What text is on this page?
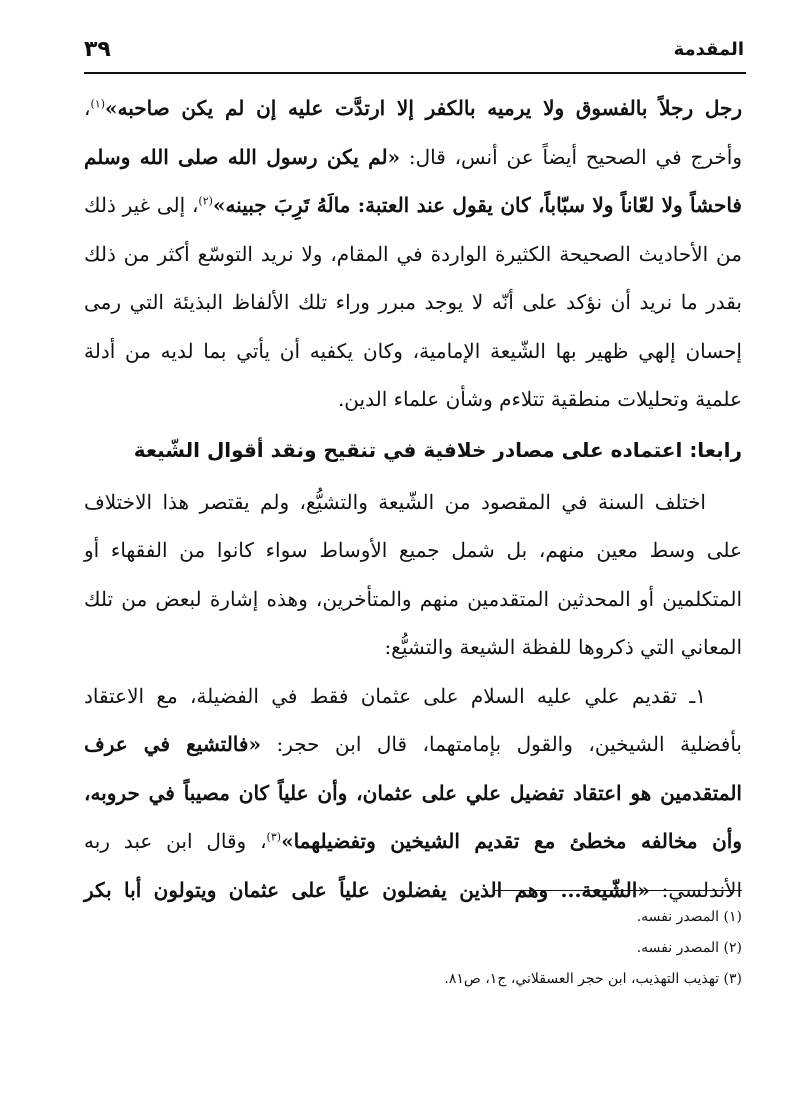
المقدمة
٣٩

رجل رجلاً بالفسوق ولا يرميه بالكفر إلا ارتدَّت عليه إن لم يكن صاحبه»$^{(١)}$، وأخرج في الصحيح أيضاً عن أنس، قال: «لم يكن رسول الله صلى الله وسلم فاحشاً ولا لعّاناً ولا سبّاباً، كان يقول عند العتبة: مالَهُ تَرِبَ جبينه»$^{(٢)}$، إلى غير ذلك من الأحاديث الصحيحة الكثيرة الواردة في المقام، ولا نريد التوسّع أكثر من ذلك بقدر ما نريد أن نؤكد على أنّه لا يوجد مبرر وراء تلك الألفاظ البذيئة التي رمى إحسان إلهي ظهير بها الشّيعة الإمامية، وكان يكفيه أن يأتي بما لديه من أدلة علمية وتحليلات منطقية تتلاءم وشأن علماء الدين.

رابعا: اعتماده على مصادر خلافية في تنقيح ونقد أقوال الشّيعة

اختلف السنة في المقصود من الشّيعة والتشيُّع، ولم يقتصر هذا الاختلاف على وسط معين منهم، بل شمل جميع الأوساط سواء كانوا من الفقهاء أو المتكلمين أو المحدثين المتقدمين منهم والمتأخرين، وهذه إشارة لبعض من تلك المعاني التي ذكروها للفظة الشيعة والتشيُّع:

١ـ تقديم علي عليه السلام على عثمان فقط في الفضيلة، مع الاعتقاد بأفضلية الشيخين، والقول بإمامتهما، قال ابن حجر: «فالتشيع في عرف المتقدمين هو اعتقاد تفضيل علي على عثمان، وأن علياً كان مصيباً في حروبه، وأن مخالفه مخطئ مع تقديم الشيخين وتفضيلهما»$^{(٣)}$، وقال ابن عبد ربه الأندلسي: «الشّيعة... وهم الذين يفضلون علياً على عثمان ويتولون أبا بكر

(١) المصدر نفسه.

(٢) المصدر نفسه.

(٣) تهذيب التهذيب، ابن حجر العسقلاني، ج١، ص٨١.
